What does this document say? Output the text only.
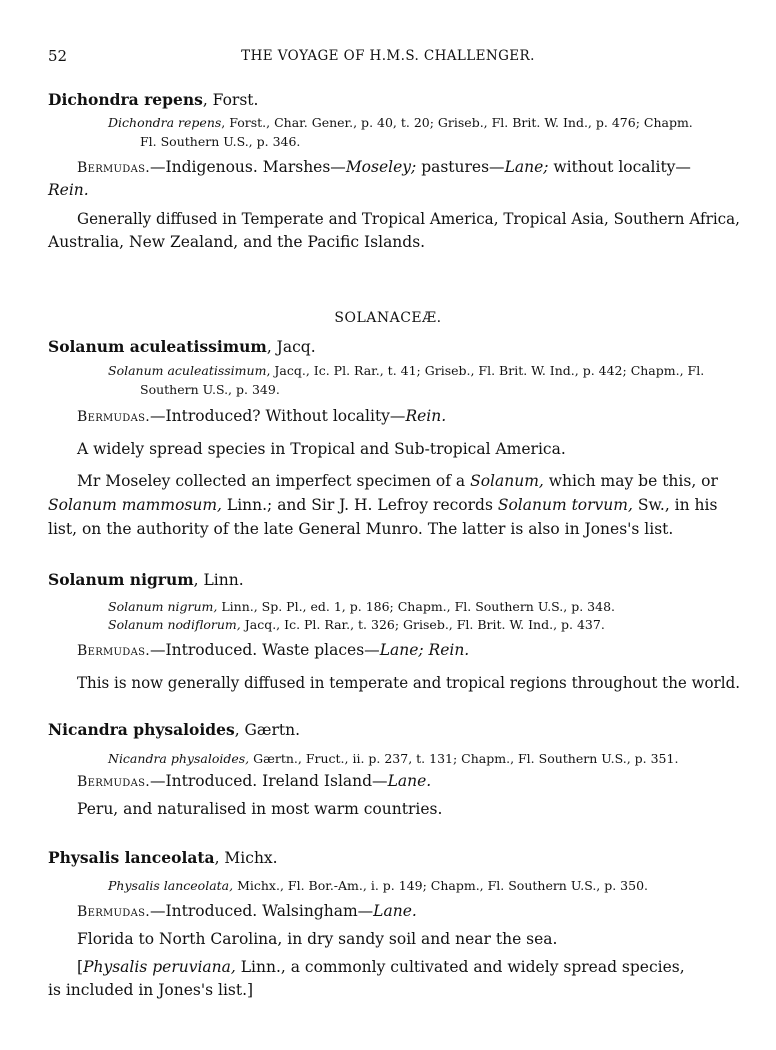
52	THE VOYAGE OF H.M.S. CHALLENGER.
Dichondra repens, Forst.
Dichondra repens, Forst., Char. Gener., p. 40, t. 20; Griseb., Fl. Brit. W. Ind., p. 476; Chapm.
Fl. Southern U.S., p. 346.
Bermudas.—Indigenous. Marshes—Moseley; pastures—Lane; without locality—
Rein.
Generally diffused in Temperate and Tropical America, Tropical Asia, Southern Africa,
Australia, New Zealand, and the Pacific Islands.
SOLANACEÆ.
Solanum aculeatissimum, Jacq.
Solanum aculeatissimum, Jacq., Ic. Pl. Rar., t. 41; Griseb., Fl. Brit. W. Ind., p. 442; Chapm., Fl.
Southern U.S., p. 349.
Bermudas.—Introduced? Without locality—Rein.
A widely spread species in Tropical and Sub-tropical America.
Mr Moseley collected an imperfect specimen of a Solanum, which may be this, or
Solanum mammosum, Linn.; and Sir J. H. Lefroy records Solanum torvum, Sw., in his
list, on the authority of the late General Munro. The latter is also in Jones's list.
Solanum nigrum, Linn.
Solanum nigrum, Linn., Sp. Pl., ed. 1, p. 186; Chapm., Fl. Southern U.S., p. 348.
Solanum nodiflorum, Jacq., Ic. Pl. Rar., t. 326; Griseb., Fl. Brit. W. Ind., p. 437.
Bermudas.—Introduced. Waste places—Lane; Rein.
This is now generally diffused in temperate and tropical regions throughout the world.
Nicandra physaloides, Gærtn.
Nicandra physaloides, Gærtn., Fruct., ii. p. 237, t. 131; Chapm., Fl. Southern U.S., p. 351.
Bermudas.—Introduced. Ireland Island—Lane.
Peru, and naturalised in most warm countries.
Physalis lanceolata, Michx.
Physalis lanceolata, Michx., Fl. Bor.-Am., i. p. 149; Chapm., Fl. Southern U.S., p. 350.
Bermudas.—Introduced. Walsingham—Lane.
Florida to North Carolina, in dry sandy soil and near the sea.
[Physalis peruviana, Linn., a commonly cultivated and widely spread species,
is included in Jones's list.]
